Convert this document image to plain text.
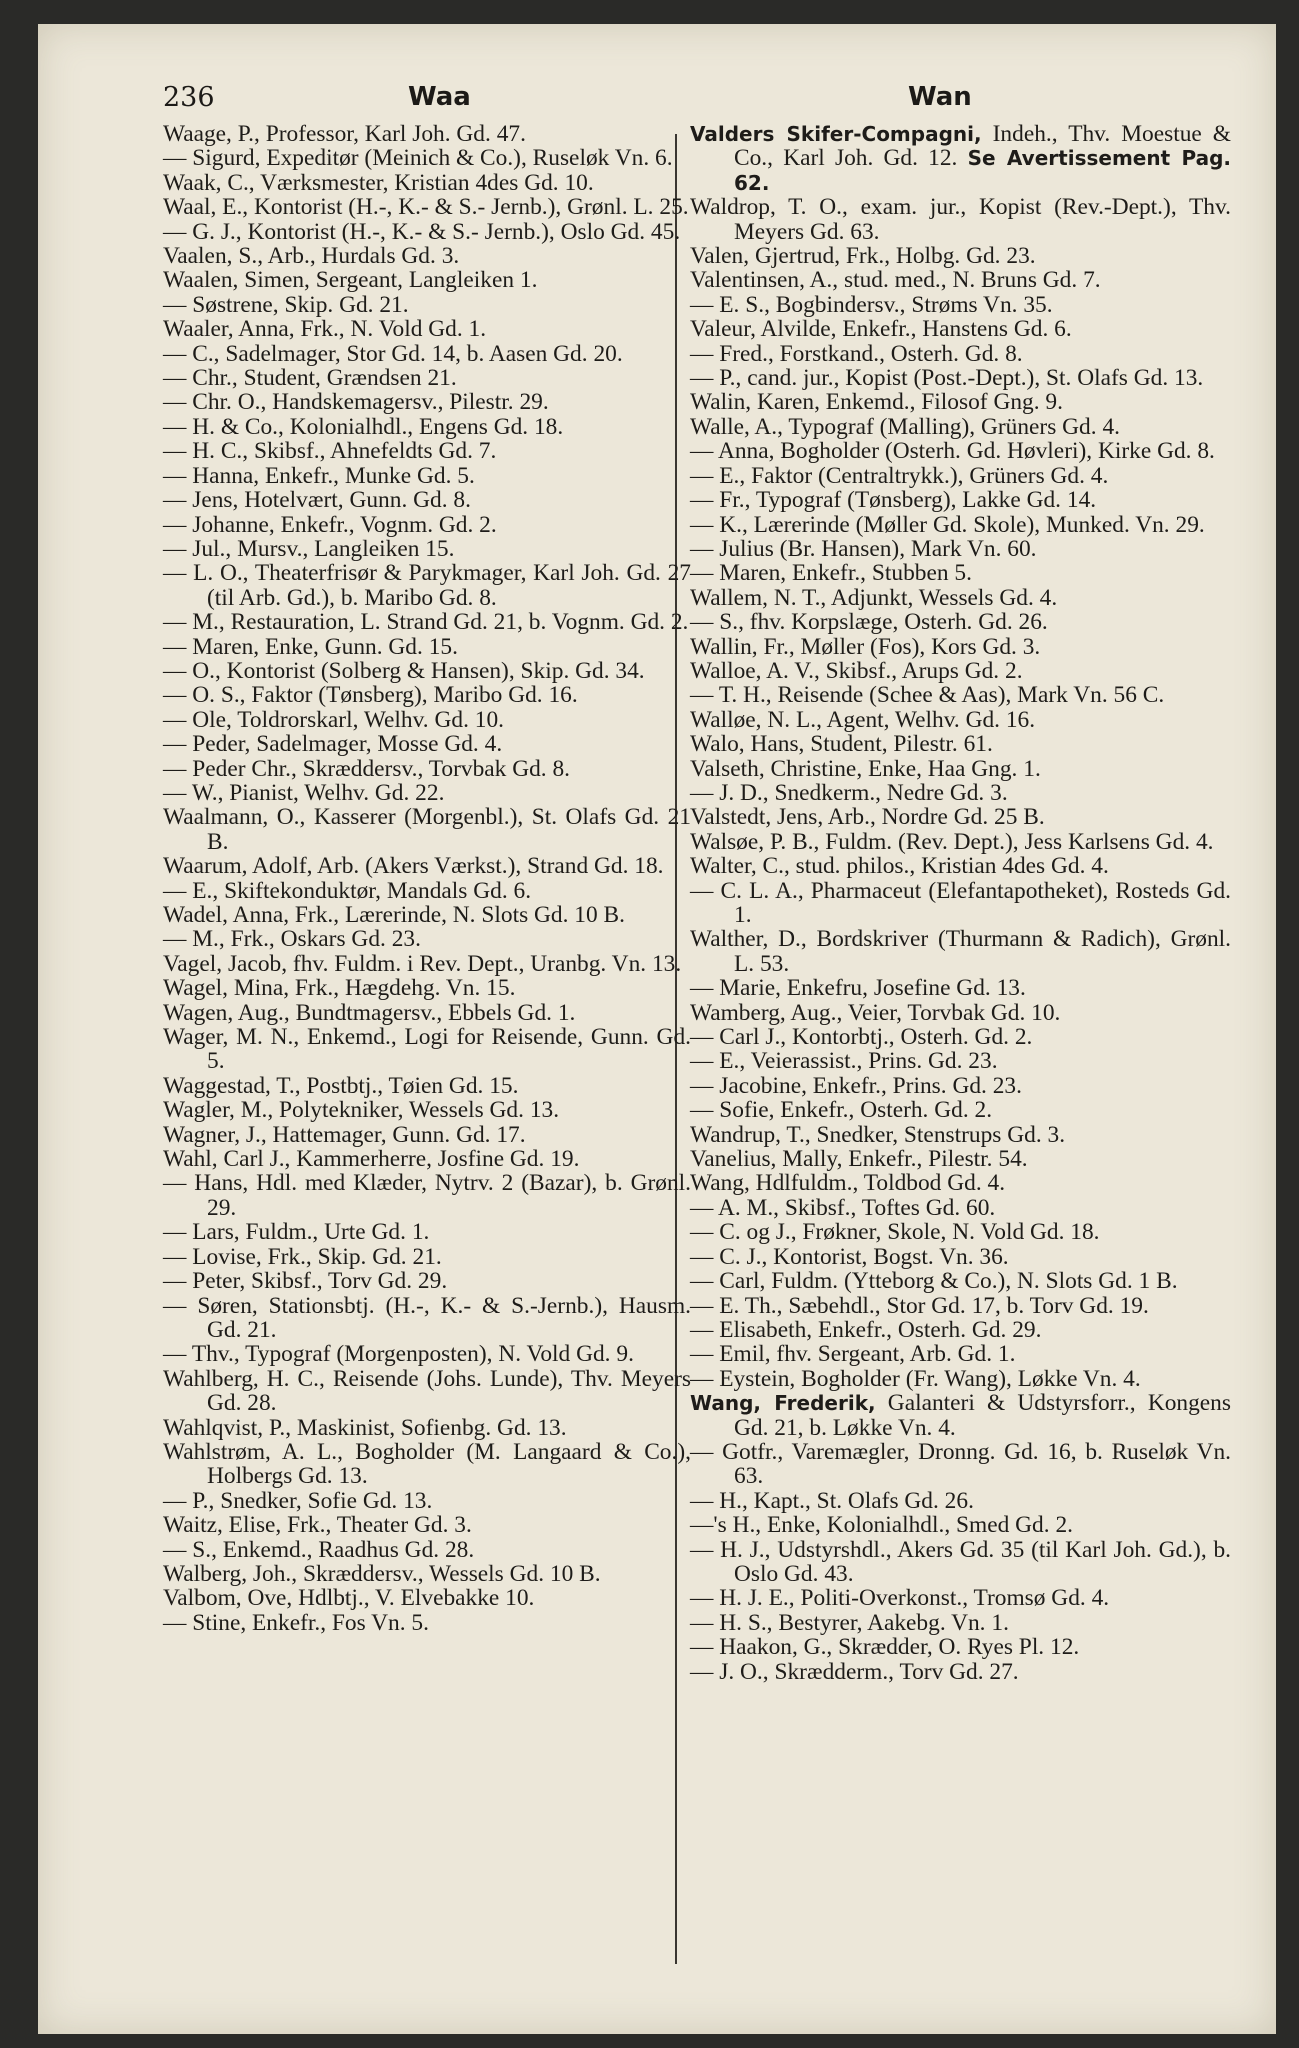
236	Waa	Wan
Waage, P., Professor, Karl Joh. Gd. 47.
— Sigurd, Expeditør (Meinich & Co.), Ruseløk Vn. 6.
Waak, C., Værksmester, Kristian 4des Gd. 10.
Waal, E., Kontorist (H.-, K.- & S.- Jernb.), Grønl. L. 25.
— G. J., Kontorist (H.-, K.- & S.- Jernb.), Oslo Gd. 45.
Vaalen, S., Arb., Hurdals Gd. 3.
Waalen, Simen, Sergeant, Langleiken 1.
— Søstrene, Skip. Gd. 21.
Waaler, Anna, Frk., N. Vold Gd. 1.
— C., Sadelmager, Stor Gd. 14, b. Aasen Gd. 20.
— Chr., Student, Grændsen 21.
— Chr. O., Handskemagersv., Pilestr. 29.
— H. & Co., Kolonialhdl., Engens Gd. 18.
— H. C., Skibsf., Ahnefeldts Gd. 7.
— Hanna, Enkefr., Munke Gd. 5.
— Jens, Hotelvært, Gunn. Gd. 8.
— Johanne, Enkefr., Vognm. Gd. 2.
— Jul., Mursv., Langleiken 15.
— L. O., Theaterfrisør & Parykmager, Karl Joh. Gd. 27 (til Arb. Gd.), b. Maribo Gd. 8.
— M., Restauration, L. Strand Gd. 21, b. Vognm. Gd. 2.
— Maren, Enke, Gunn. Gd. 15.
— O., Kontorist (Solberg & Hansen), Skip. Gd. 34.
— O. S., Faktor (Tønsberg), Maribo Gd. 16.
— Ole, Toldrorskarl, Welhv. Gd. 10.
— Peder, Sadelmager, Mosse Gd. 4.
— Peder Chr., Skræddersv., Torvbak Gd. 8.
— W., Pianist, Welhv. Gd. 22.
Waalmann, O., Kasserer (Morgenbl.), St. Olafs Gd. 21 B.
Waarum, Adolf, Arb. (Akers Værkst.), Strand Gd. 18.
— E., Skiftekonduktør, Mandals Gd. 6.
Wadel, Anna, Frk., Lærerinde, N. Slots Gd. 10 B.
— M., Frk., Oskars Gd. 23.
Vagel, Jacob, fhv. Fuldm. i Rev. Dept., Uranbg. Vn. 13.
Wagel, Mina, Frk., Hægdehg. Vn. 15.
Wagen, Aug., Bundtmagersv., Ebbels Gd. 1.
Wager, M. N., Enkemd., Logi for Reisende, Gunn. Gd. 5.
Waggestad, T., Postbtj., Tøien Gd. 15.
Wagler, M., Polytekniker, Wessels Gd. 13.
Wagner, J., Hattemager, Gunn. Gd. 17.
Wahl, Carl J., Kammerherre, Josfine Gd. 19.
— Hans, Hdl. med Klæder, Nytrv. 2 (Bazar), b. Grønl. 29.
— Lars, Fuldm., Urte Gd. 1.
— Lovise, Frk., Skip. Gd. 21.
— Peter, Skibsf., Torv Gd. 29.
— Søren, Stationsbtj. (H.-, K.- & S.-Jernb.), Hausm. Gd. 21.
— Thv., Typograf (Morgenposten), N. Vold Gd. 9.
Wahlberg, H. C., Reisende (Johs. Lunde), Thv. Meyers Gd. 28.
Wahlqvist, P., Maskinist, Sofienbg. Gd. 13.
Wahlstrøm, A. L., Bogholder (M. Langaard & Co.), Holbergs Gd. 13.
— P., Snedker, Sofie Gd. 13.
Waitz, Elise, Frk., Theater Gd. 3.
— S., Enkemd., Raadhus Gd. 28.
Walberg, Joh., Skræddersv., Wessels Gd. 10 B.
Valbom, Ove, Hdlbtj., V. Elvebakke 10.
— Stine, Enkefr., Fos Vn. 5.
Valders Skifer-Compagni, Indeh., Thv. Moestue & Co., Karl Joh. Gd. 12. Se Avertissement Pag. 62.
Waldrop, T. O., exam. jur., Kopist (Rev.-Dept.), Thv. Meyers Gd. 63.
Valen, Gjertrud, Frk., Holbg. Gd. 23.
Valentinsen, A., stud. med., N. Bruns Gd. 7.
— E. S., Bogbindersv., Strøms Vn. 35.
Valeur, Alvilde, Enkefr., Hanstens Gd. 6.
— Fred., Forstkand., Osterh. Gd. 8.
— P., cand. jur., Kopist (Post.-Dept.), St. Olafs Gd. 13.
Walin, Karen, Enkemd., Filosof Gng. 9.
Walle, A., Typograf (Malling), Grüners Gd. 4.
— Anna, Bogholder (Osterh. Gd. Høvleri), Kirke Gd. 8.
— E., Faktor (Centraltrykk.), Grüners Gd. 4.
— Fr., Typograf (Tønsberg), Lakke Gd. 14.
— K., Lærerinde (Møller Gd. Skole), Munked. Vn. 29.
— Julius (Br. Hansen), Mark Vn. 60.
— Maren, Enkefr., Stubben 5.
Wallem, N. T., Adjunkt, Wessels Gd. 4.
— S., fhv. Korpslæge, Osterh. Gd. 26.
Wallin, Fr., Møller (Fos), Kors Gd. 3.
Walloe, A. V., Skibsf., Arups Gd. 2.
— T. H., Reisende (Schee & Aas), Mark Vn. 56 C.
Walløe, N. L., Agent, Welhv. Gd. 16.
Walo, Hans, Student, Pilestr. 61.
Valseth, Christine, Enke, Haa Gng. 1.
— J. D., Snedkerm., Nedre Gd. 3.
Valstedt, Jens, Arb., Nordre Gd. 25 B.
Walsøe, P. B., Fuldm. (Rev. Dept.), Jess Karlsens Gd. 4.
Walter, C., stud. philos., Kristian 4des Gd. 4.
— C. L. A., Pharmaceut (Elefantapotheket), Rosteds Gd. 1.
Walther, D., Bordskriver (Thurmann & Radich), Grønl. L. 53.
— Marie, Enkefru, Josefine Gd. 13.
Wamberg, Aug., Veier, Torvbak Gd. 10.
— Carl J., Kontorbtj., Osterh. Gd. 2.
— E., Veierassist., Prins. Gd. 23.
— Jacobine, Enkefr., Prins. Gd. 23.
— Sofie, Enkefr., Osterh. Gd. 2.
Wandrup, T., Snedker, Stenstrups Gd. 3.
Vanelius, Mally, Enkefr., Pilestr. 54.
Wang, Hdlfuldm., Toldbod Gd. 4.
— A. M., Skibsf., Toftes Gd. 60.
— C. og J., Frøkner, Skole, N. Vold Gd. 18.
— C. J., Kontorist, Bogst. Vn. 36.
— Carl, Fuldm. (Ytteborg & Co.), N. Slots Gd. 1 B.
— E. Th., Sæbehdl., Stor Gd. 17, b. Torv Gd. 19.
— Elisabeth, Enkefr., Osterh. Gd. 29.
— Emil, fhv. Sergeant, Arb. Gd. 1.
— Eystein, Bogholder (Fr. Wang), Løkke Vn. 4.
Wang, Frederik, Galanteri & Udstyrsforr., Kongens Gd. 21, b. Løkke Vn. 4.
— Gotfr., Varemægler, Dronng. Gd. 16, b. Ruseløk Vn. 63.
— H., Kapt., St. Olafs Gd. 26.
—'s H., Enke, Kolonialhdl., Smed Gd. 2.
— H. J., Udstyrshdl., Akers Gd. 35 (til Karl Joh. Gd.), b. Oslo Gd. 43.
— H. J. E., Politi-Overkonst., Tromsø Gd. 4.
— H. S., Bestyrer, Aakebg. Vn. 1.
— Haakon, G., Skrædder, O. Ryes Pl. 12.
— J. O., Skrædderm., Torv Gd. 27.
